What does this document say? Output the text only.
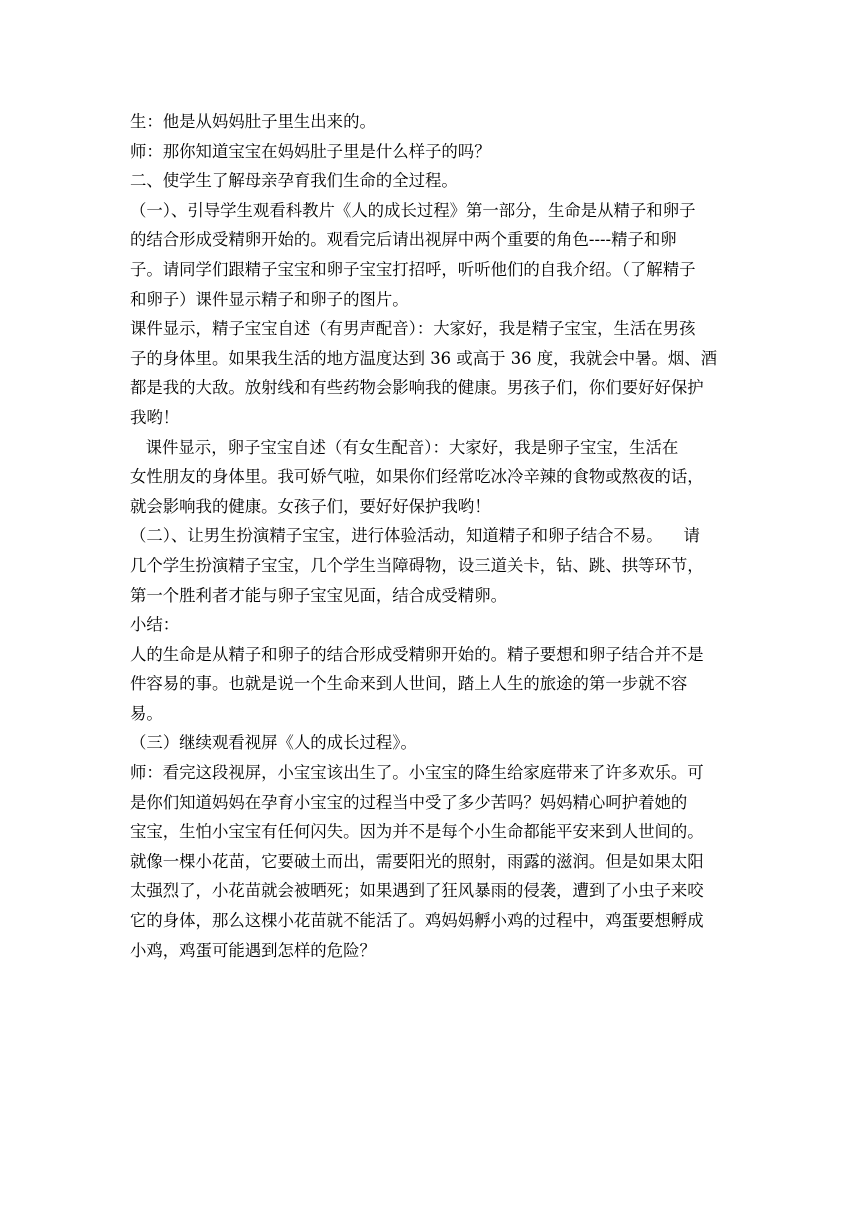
生：他是从妈妈肚子里生出来的。
师：那你知道宝宝在妈妈肚子里是什么样子的吗？
二、使学生了解母亲孕育我们生命的全过程。
（一）、引导学生观看科教片《人的成长过程》第一部分，生命是从精子和卵子
的结合形成受精卵开始的。观看完后请出视屏中两个重要的角色----精子和卵
子。请同学们跟精子宝宝和卵子宝宝打招呼，听听他们的自我介绍。（了解精子
和卵子）课件显示精子和卵子的图片。
课件显示，精子宝宝自述（有男声配音）：大家好，我是精子宝宝，生活在男孩
子的身体里。如果我生活的地方温度达到 36 或高于 36 度，我就会中暑。烟、酒
都是我的大敌。放射线和有些药物会影响我的健康。男孩子们，你们要好好保护
我哟！
课件显示，卵子宝宝自述（有女生配音）：大家好，我是卵子宝宝，生活在
女性朋友的身体里。我可娇气啦，如果你们经常吃冰冷辛辣的食物或熬夜的话，
就会影响我的健康。女孩子们，要好好保护我哟！
（二）、让男生扮演精子宝宝，进行体验活动，知道精子和卵子结合不易。    请
几个学生扮演精子宝宝，几个学生当障碍物，设三道关卡，钻、跳、拱等环节，
第一个胜利者才能与卵子宝宝见面，结合成受精卵。
小结：
人的生命是从精子和卵子的结合形成受精卵开始的。精子要想和卵子结合并不是
件容易的事。也就是说一个生命来到人世间，踏上人生的旅途的第一步就不容
易。
（三）继续观看视屏《人的成长过程》。
师：看完这段视屏，小宝宝该出生了。小宝宝的降生给家庭带来了许多欢乐。可
是你们知道妈妈在孕育小宝宝的过程当中受了多少苦吗？妈妈精心呵护着她的
宝宝，生怕小宝宝有任何闪失。因为并不是每个小生命都能平安来到人世间的。
就像一棵小花苗，它要破土而出，需要阳光的照射，雨露的滋润。但是如果太阳
太强烈了，小花苗就会被晒死；如果遇到了狂风暴雨的侵袭，遭到了小虫子来咬
它的身体，那么这棵小花苗就不能活了。鸡妈妈孵小鸡的过程中，鸡蛋要想孵成
小鸡，鸡蛋可能遇到怎样的危险？
